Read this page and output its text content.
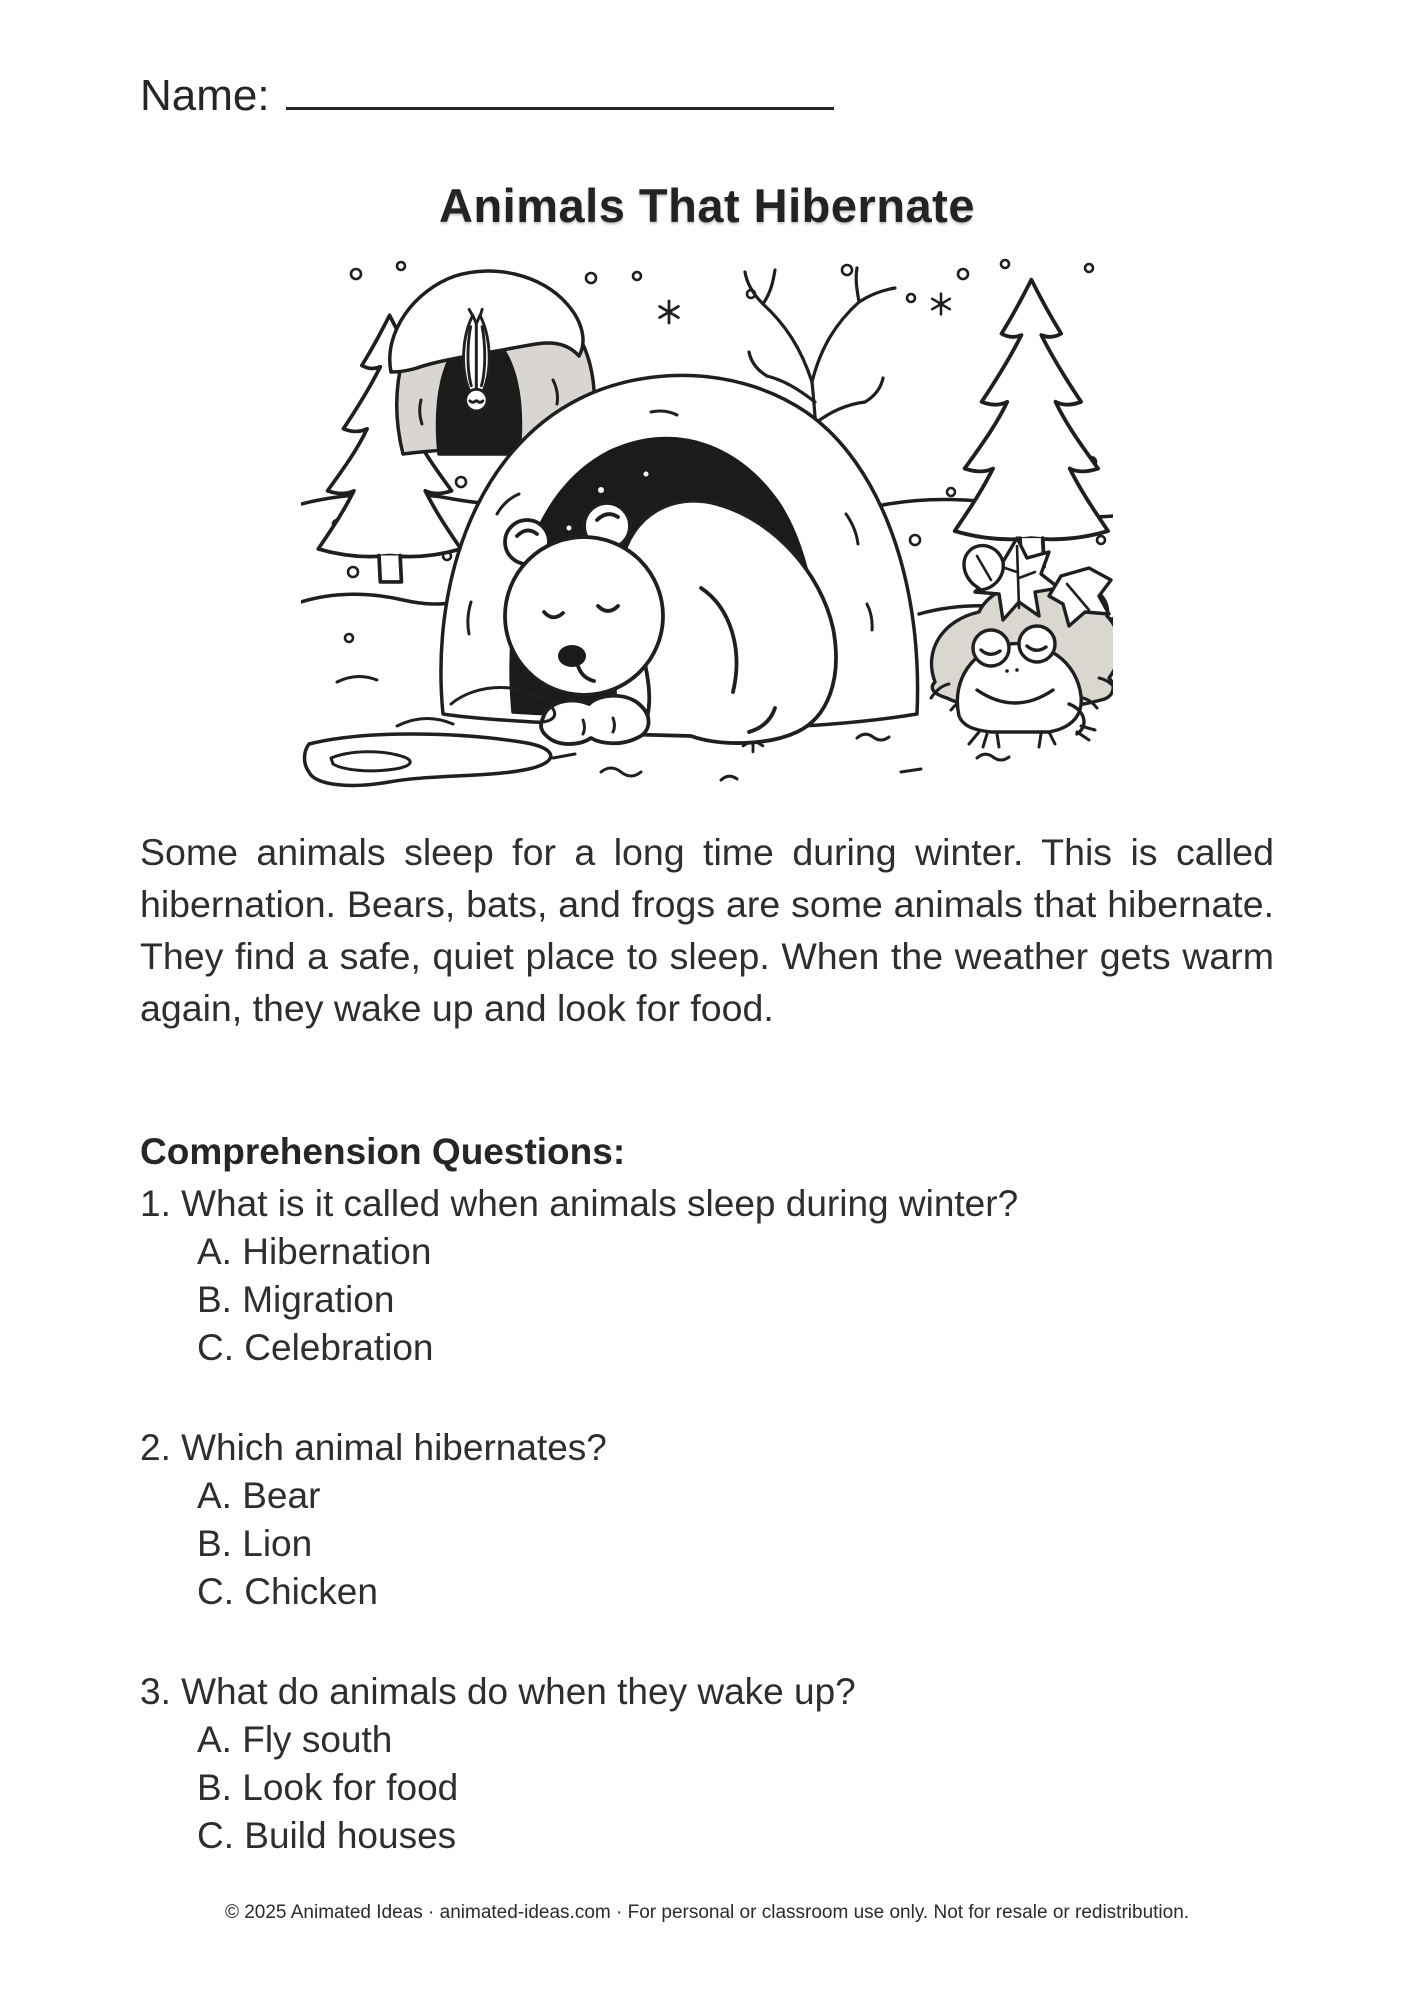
Name:
Animals That Hibernate

Some animals sleep for a long time during winter. This is called hibernation. Bears, bats, and frogs are some animals that hibernate. They find a safe, quiet place to sleep. When the weather gets warm again, they wake up and look for food.

Comprehension Questions:
1. What is it called when animals sleep during winter?
A. Hibernation
B. Migration
C. Celebration
2. Which animal hibernates?
A. Bear
B. Lion
C. Chicken
3. What do animals do when they wake up?
A. Fly south
B. Look for food
C. Build houses
© 2025 Animated Ideas · animated-ideas.com · For personal or classroom use only. Not for resale or redistribution.
